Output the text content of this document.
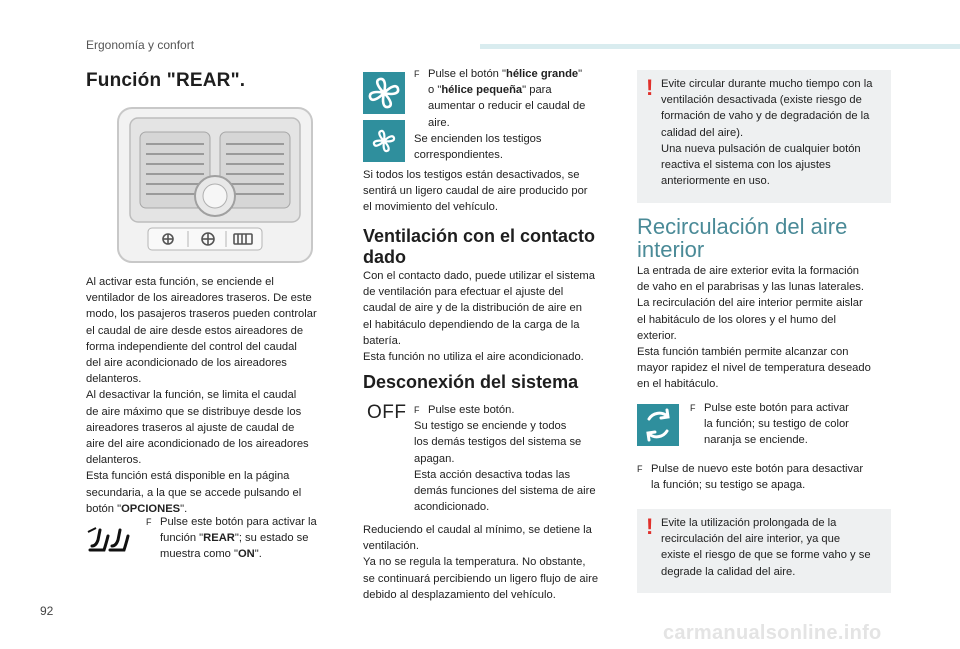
Ergonomía y confort
Función "REAR".
Al activar esta función, se enciende el
ventilador de los aireadores traseros. De este
modo, los pasajeros traseros pueden controlar
el caudal de aire desde estos aireadores de
forma independiente del control del caudal
del aire acondicionado de los aireadores
delanteros.
Al desactivar la función, se limita el caudal
de aire máximo que se distribuye desde los
aireadores traseros al ajuste de caudal de
aire del aire acondicionado de los aireadores
delanteros.
Esta función está disponible en la página
secundaria, a la que se accede pulsando el
botón "OPCIONES".
F Pulse este botón para activar la
función "REAR"; su estado se
muestra como "ON".
F Pulse el botón "hélice grande"
o "hélice pequeña" para
aumentar o reducir el caudal de
aire.
Se encienden los testigos
correspondientes.
Si todos los testigos están desactivados, se
sentirá un ligero caudal de aire producido por
el movimiento del vehículo.
Ventilación con el contacto
dado
Con el contacto dado, puede utilizar el sistema
de ventilación para efectuar el ajuste del
caudal de aire y de la distribución de aire en
el habitáculo dependiendo de la carga de la
batería.
Esta función no utiliza el aire acondicionado.
Desconexión del sistema
OFF F Pulse este botón.
Su testigo se enciende y todos
los demás testigos del sistema se
apagan.
Esta acción desactiva todas las
demás funciones del sistema de aire
acondicionado.
Reduciendo el caudal al mínimo, se detiene la
ventilación.
Ya no se regula la temperatura. No obstante,
se continuará percibiendo un ligero flujo de aire
debido al desplazamiento del vehículo.
! Evite circular durante mucho tiempo con la
ventilación desactivada (existe riesgo de
formación de vaho y de degradación de la
calidad del aire).
Una nueva pulsación de cualquier botón
reactiva el sistema con los ajustes
anteriormente en uso.
Recirculación del aire
interior
La entrada de aire exterior evita la formación
de vaho en el parabrisas y las lunas laterales.
La recirculación del aire interior permite aislar
el habitáculo de los olores y el humo del
exterior.
Esta función también permite alcanzar con
mayor rapidez el nivel de temperatura deseado
en el habitáculo.
F Pulse este botón para activar
la función; su testigo de color
naranja se enciende.
F Pulse de nuevo este botón para desactivar
la función; su testigo se apaga.
! Evite la utilización prolongada de la
recirculación del aire interior, ya que
existe el riesgo de que se forme vaho y se
degrade la calidad del aire.
92
carmanualsonline.info
